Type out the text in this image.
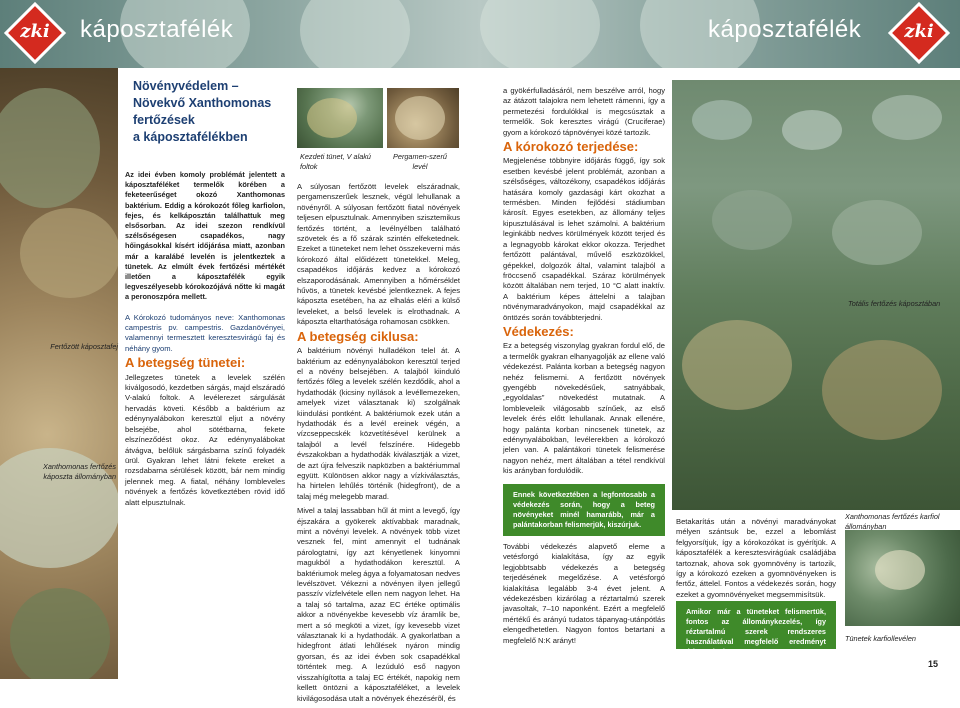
zki	káposztafélék	káposztafélék	zki
Fertőzött káposztafej
Xanthomonas fertőzés káposzta állományban
Növényvédelem –
Növekvő Xanthomonas
fertőzések
a káposztafélékben

Az idei évben komoly problémát jelentett a káposztaféléket termelők körében a feketeerűséget okozó Xanthomonas baktérium. Eddig a kórokozót főleg karfiolon, fejes, és kelkáposztán találhattuk meg elsősorban. Az idei szezon rendkívül szélsőségesen csapadékos, nagy hőingásokkal kísért időjárása miatt, azonban már a karalábé levelén is jelentkeztek a tünetek. Az elmúlt évek fertőzési mértékét illetően a káposztafélék egyik legveszélyesebb kórokozójává nőtte ki magát a peronoszpóra mellett.

A Kórokozó tudományos neve: Xanthomonas campestris pv. campestris. Gazdanövényei, valamennyi termesztett keresztesvirágú faj és néhány gyom.

A betegség tünetei:

Jellegzetes tünetek a levelek szélén kiválgosodó, kezdetben sárgás, majd elszáradó V-alakú foltok. A levélerezet sárgulását hervadás követi. Később a baktérium az edénynyalábokon keresztül eljut a növény belsejébe, ahol sötétbarna, fekete elszíneződést okoz. Az edénynyalábokat átvágva, belőlük sárgásbarna színű folyadék ürül. Gyakran lehet látni fekete ereket a rozsdabarna sérülések között, bár nem mindig jelennek meg. A fiatal, néhány lombleveles növények a fertőzés következtében rövid idő alatt elpusztulnak.

Kezdeti tünet, V alakú foltok
Pergamen-szerű levél

A súlyosan fertőzött levelek elszáradnak, pergamenszerűek lesznek, végül lehullanak a növényről. A súlyosan fertőzött fiatal növények teljesen elpusztulnak. Amennyiben szisztemikus fertőzés történt, a levélnyélben található szövetek és a fő szárak szintén elfeketednek. Ezeket a tüneteket nem lehet összekeverni más kórokozó által előidézett tünetekkel. Meleg, csapadékos időjárás kedvez a kórokozó elszaporodásának. Amennyiben a hőmérséklet hűvös, a tünetek kevésbé jelentkeznek. A fejes káposzta esetében, ha az elhalás eléri a külső leveleket, a belső levelek is elrothadnak. A káposzta eltarthatósága rohamosan csökken.

A betegség ciklusa:

A baktérium növényi hulladékon telel át. A baktérium az edénynyalábokon keresztül terjed el a növény belsejében. A talajból kiinduló fertőzés főleg a levelek szélén kezdődik, ahol a hydathodák (kicsiny nyílások a levéllemezeken, amelyek vizet választanak ki) szolgálnak kiindulási pontként. A baktériumok ezek után a hydathodák és a levél ereinek végén, a vízcseppecskék közvetítésével kerülnek a talajból a levél felszínére. Hidegebb évszakokban a hydathodák kiválasztják a vizet, de azt újra felveszik napközben a baktériummal együtt. Különösen akkor nagy a vízkiválasztás, ha hirtelen lehűlés történik (hidegfront), de a talaj még melegebb marad.

Mivel a talaj lassabban hűl át mint a levegő, így éjszakára a gyökerek aktívabbak maradnak, mint a növényi levelek. A növények több vizet vesznek fel, mint amennyit el tudnának párologtatni, így azt kényetlenek kinyomni magukból a hydathodákon keresztül. A baktériumok meleg ágya a folyamatosan nedves levélszövet. Vékezni a növényen ilyen jellegű passzív vízfelvétele ellen nem nagyon lehet. Ha a talaj só tartalma, azaz EC értéke optimális akkor a növényekbe kevesebb víz áramlik be, mert a só megköti a vizet, így kevesebb vizet választanak ki a hydathodák. A gyakorlatban a hidegfront átlati lehűlések nyáron mindig gyorsan, és az idei évben sok csapadékkal történtek meg. A lezúduló eső nagyon visszahígította a talaj EC értékét, napokig nem kellett öntözni a káposztaféléket, a levelek kivilágosodása utalt a növények éhezésérõl, és

a gyökérfulladásáról, nem beszélve arról, hogy az átázott talajokra nem lehetett rámenni, így a permetezési fordulókkal is megcsúsztak a termelők. Sok keresztes virágú (Cruciferae) gyom a kórokozó tápnövényei közé tartozik.

A kórokozó terjedése:

Megjelenése többnyire időjárás függő, így sok esetben kevésbé jelent problémát, azonban a szélsőséges, változékony, csapadékos időjárás hatására komoly gazdasági kárt okozhat a termésben. Minden fejlődési stádiumban károsít. Egyes esetekben, az állomány teljes kipusztulásával is lehet számolni. A baktérium leginkább nedves körülmények között terjed és a legnagyobb károkat ekkor okozza. Terjedhet fertőzött palántával, művelő eszközökkel, gépekkel, dolgozók által, valamint talajból a fröccsenő csapadékkal. Száraz körülmények között általában nem terjed, 10 °C alatt inaktív. A baktérium képes áttelelni a talajban növénymaradványokon, majd csapadékkal az öntözés során továbbterjedni.

Védekezés:

Ez a betegség viszonylag gyakran fordul elő, de a termelők gyakran elhanyagolják az ellene való védekezést. Palánta korban a betegség nagyon nehéz felismerni. A fertőzött növények gyengébb növekedésűek, satnyábbak, „egyoldalas” növekedést mutatnak. A lombleveleik világosabb színűek, az első levelek érés előtt lehullanak. Annak ellenére, hogy palánta korban nincsenek tünetek, az edénynyalábokban, levélerekben a kórokozó jelen van. A palántákori tünetek felismerése nagyon nehéz, mert általában a tétel rendkívül kis arányban fordulódik.

Ennek következtében a legfontosabb a védekezés során, hogy a beteg növényeket minél hamarább, már a palántakorban felismerjük, kiszúrjuk.

További védekezés alapvető eleme a vetésforgó kialakítása, így az egyik legjobbtsabb védekezés a betegség terjedésének megelőzése. A vetésforgó kialakítása legalább 3-4 évet jelent. A védekezésben kizárólag a réztartalmú szerek javasoltak, 7–10 naponként. Ezért a megfelelő mértékű és arányú tudatos tápanyag-utánpótlás elengedhetetlen. Nagyon fontos betartani a megfelelő N:K arányt!

Totális fertőzés káposztában

Betakarítás után a növényi maradványokat mélyen szántsuk be, ezzel a lebomlást felgyorsítjuk, így a kórokozókat is gyérítjük. A káposztafélék a keresztesvirágúak családjába tartoznak, ahova sok gyomnövény is tartozik, így a kórokozó ezeken a gyomnövényeken is fertőz, áttelel. Fontos a védekezés során, hogy ezeket a gyomnövényeket megsemmisítsük.

Amikor már a tüneteket felismertük, fontos az állománykezelés, így réztartalmú szerek rendszeres használatával megfelelő eredményt érhetünk el.
Xanthomonas fertőzés karfiol állományban
Tünetek karfiollevélen
15
